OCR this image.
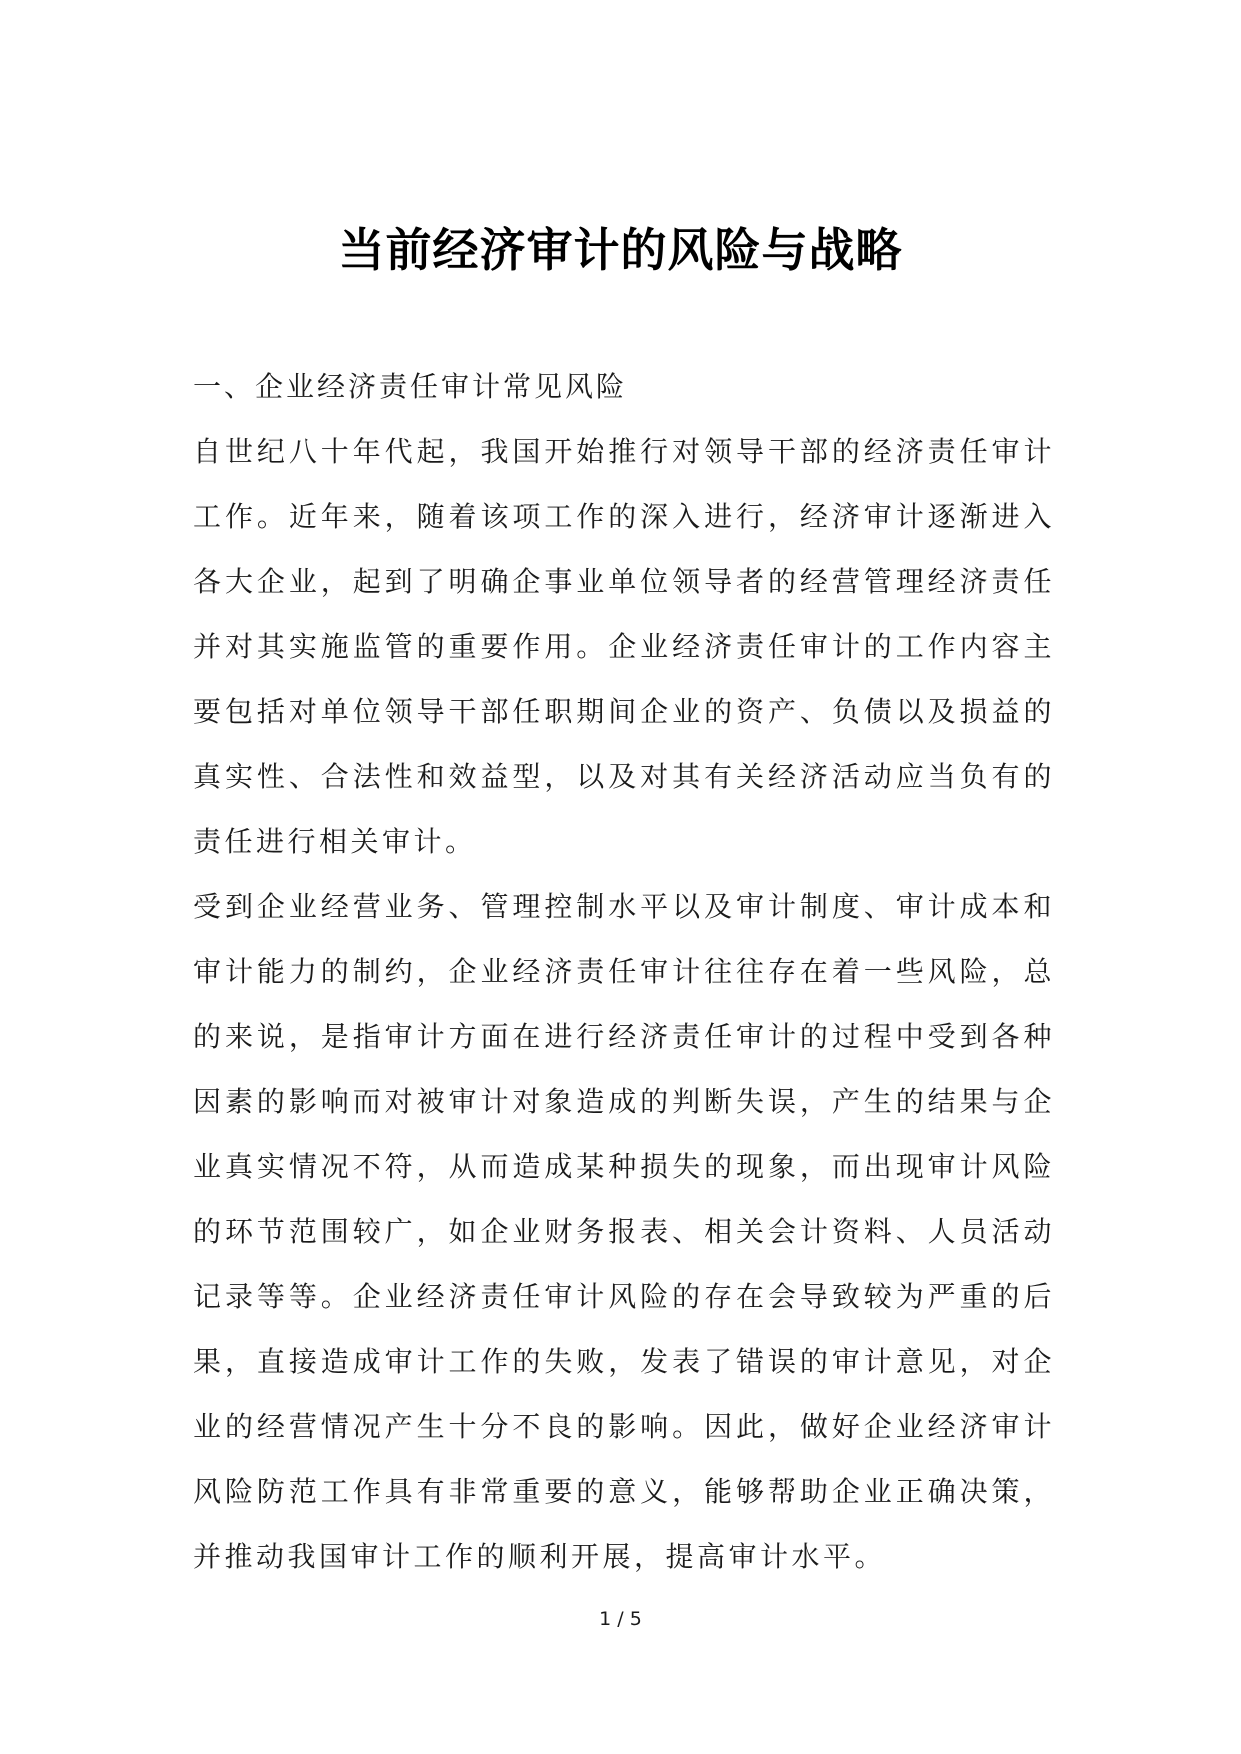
当前经济审计的风险与战略

一、企业经济责任审计常见风险

自世纪八十年代起，我国开始推行对领导干部的经济责任审计工作。近年来，随着该项工作的深入进行，经济审计逐渐进入各大企业，起到了明确企事业单位领导者的经营管理经济责任并对其实施监管的重要作用。企业经济责任审计的工作内容主要包括对单位领导干部任职期间企业的资产、负债以及损益的真实性、合法性和效益型，以及对其有关经济活动应当负有的责任进行相关审计。

受到企业经营业务、管理控制水平以及审计制度、审计成本和审计能力的制约，企业经济责任审计往往存在着一些风险，总的来说，是指审计方面在进行经济责任审计的过程中受到各种因素的影响而对被审计对象造成的判断失误，产生的结果与企业真实情况不符，从而造成某种损失的现象，而出现审计风险的环节范围较广，如企业财务报表、相关会计资料、人员活动记录等等。企业经济责任审计风险的存在会导致较为严重的后果，直接造成审计工作的失败，发表了错误的审计意见，对企业的经营情况产生十分不良的影响。因此，做好企业经济审计风险防范工作具有非常重要的意义，能够帮助企业正确决策，并推动我国审计工作的顺利开展，提高审计水平。

1 / 5
